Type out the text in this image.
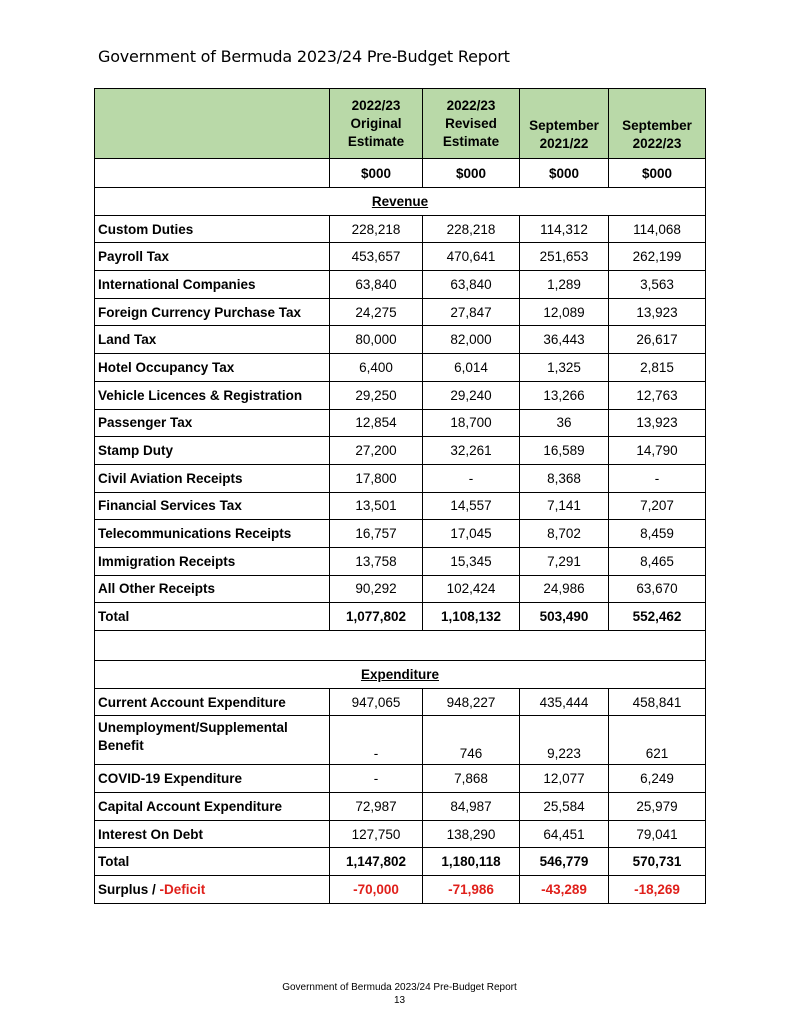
Government of Bermuda 2023/24 Pre-Budget Report
	2022/23
Original
Estimate	2022/23
Revised
Estimate	September
2021/22	September
2022/23
	$000	$000	$000	$000
Revenue				
Custom Duties	228,218	228,218	114,312	114,068
Payroll Tax	453,657	470,641	251,653	262,199
International Companies	63,840	63,840	1,289	3,563
Foreign Currency Purchase Tax	24,275	27,847	12,089	13,923
Land Tax	80,000	82,000	36,443	26,617
Hotel Occupancy Tax	6,400	6,014	1,325	2,815
Vehicle Licences & Registration	29,250	29,240	13,266	12,763
Passenger Tax	12,854	18,700	36	13,923
Stamp Duty	27,200	32,261	16,589	14,790
Civil Aviation Receipts	17,800	-	8,368	-
Financial Services Tax	13,501	14,557	7,141	7,207
Telecommunications Receipts	16,757	17,045	8,702	8,459
Immigration Receipts	13,758	15,345	7,291	8,465
All Other Receipts	90,292	102,424	24,986	63,670
Total	1,077,802	1,108,132	503,490	552,462

Expenditure				
Current Account Expenditure	947,065	948,227	435,444	458,841
Unemployment/Supplemental Benefit	-	746	9,223	621
COVID-19 Expenditure	-	7,868	12,077	6,249
Capital Account Expenditure	72,987	84,987	25,584	25,979
Interest On Debt	127,750	138,290	64,451	79,041
Total	1,147,802	1,180,118	546,779	570,731
Surplus / -Deficit	-70,000	-71,986	-43,289	-18,269
Government of Bermuda 2023/24 Pre-Budget Report
13
